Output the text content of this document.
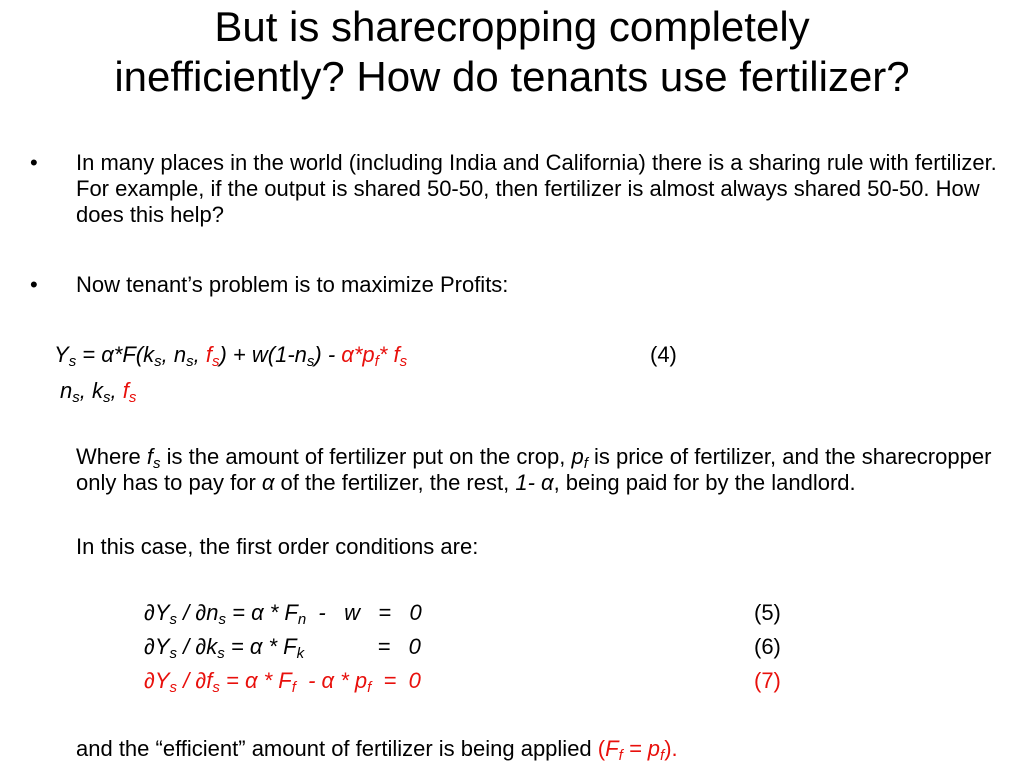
But is sharecropping completely
inefficiently? How do tenants use fertilizer?
• In many places in the world (including India and California) there is a sharing rule with fertilizer. For example, if the output is shared 50-50, then fertilizer is almost always shared 50-50. How does this help?
• Now tenant’s problem is to maximize Profits:
$Y_s = \alpha*F(k_s$, $n_s$, $f_s) + w(1-n_s) - \alpha*p_f*$ $f_s$	(4)
$n_s$, $k_s$, $f_s$
Where $f_s$ is the amount of fertilizer put on the crop, $p_f$ is price of fertilizer, and the sharecropper only has to pay for α of the fertilizer, the rest, 1- α, being paid for by the landlord.
In this case, the first order conditions are:
$\partial Y_s / \partial n_s = \alpha * F_n - w = 0$	(5)
$\partial Y_s / \partial k_s = \alpha * F_k$            =   0	(6)
$\partial Y_s / \partial f_s = \alpha * F_f - \alpha * p_f = 0$	(7)
and the “efficient” amount of fertilizer is being applied $(F_f = p_f)$.
